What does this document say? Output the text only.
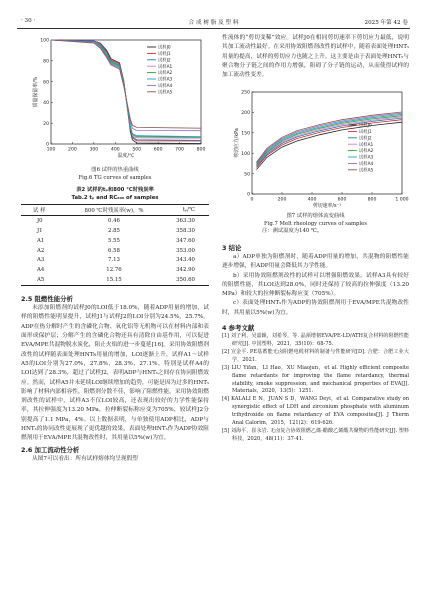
· 30 ·	合 成 树 脂 及 塑 料	2025 年第 42 卷
100
80
60
40
20
0
100	200	300	400	500	600	700	800
温度/℃
质量保留率/%
试样J0
试样J1
试样J2
试样A1
试样A2
试样A3
试样A4
试样A5

图6 试样的热重曲线

Fig.6 TG curves of samples

表2 试样的tₚ和800 ℃时残炭率

Tab.2 tₚ and RC₈₀₀ of samples

试 样	800 ℃时残炭率(w)，%	tₚ/℃
J0	0.46	363.30
J1	2.85	358.30
A1	5.55	347.60
A2	6.58	353.00
A3	7.13	343.40
A4	12.76	342.90
A5	15.15	350.60

2.5 阻燃性能分析

未添加阻燃剂的试样J0的LOI低于18.0%，随着ADP用量的增加，试样的阻燃性能明显提升，试样J1与试样J2的LOI分别为24.5%，25.7%。ADP在热分解时产生的含磷化合物、氧化铝等无机物可以在材料内部和表面形成保护层；分解产生的含磷化合物还具有清除自由基作用，可以促进EVA/MPE共混物脱水炭化，阻止火焰的进一步蔓延[16]。采用协效阻燃剂改性的试样随表面处理HNTs用量的增加，LOI逐渐上升，试样A1～试样A5的LOI分别为27.0%，27.8%，28.3%，27.1%，特别是试样A4的LOI达到了28.3%，超过了试样J2，表明ADP与HNTₛ之间存在协同阻燃效应。然而，试样A5并未延续LOI继续增加的趋势，可能是因为过多的HNTₛ影响了材料内部相容性，阻燃剂分散不佳，影响了阻燃性能。采用协效阻燃剂改性的试样中，试样A3不仅LOI较高，还表现出较好的力学性能保持率，其拉伸强度为13.20 MPa，拉伸断裂标称应变为705%，较试样J2分别提高了1.1 MPa，4%。以上数据表明，与单独使用ADP相比，ADP与HNTₛ的协同改性更展现了更优越的效果，表面处理HNTₛ作为ADP协效阻燃剂用于EVA/MPE共混物改性时，其用量以5%(w)为宜。

2.6 加工流动性分析

从图7可以看出：所有试样熔体均呈现假塑

性流体的“剪切变稀”效应。试样J0在相同剪切速率下剪切应力最低，说明其加工流动性最好。在采用协效阻燃剂改性的试样中，随着表面处理HNTₛ用量的提高，试样的剪切应力也随之上升。这主要是由于表面处理HNTₛ与聚合物分子链之间的作用力增强，阻碍了分子链的运动，从而使得试样的加工流动性变差。

250
200
150
100
50
0
0	200	400	600	800	1 000
剪切速率/s⁻¹
剪切应力/kPa
试样J0
试样J1
试样J2
试样A1
试样A2
试样A3
试样A4
试样A5

图7 试样的熔体流变曲线

Fig.7 Melt rheology curves of samples

注：测试温度为140 ℃。

3 结论

a）ADP单独为阻燃剂时，随着ADP用量的增加，共混物的阻燃性能逐步增强，但ADP用量会降低其力学性能。

b）采用协效阻燃剂改性的试样可以增强阻燃效果。试样A3具有较好的阻燃性能，其LOI达到28.0%，同时还保持了较高的拉伸强度（13.20 MPa）和较大的拉伸断裂标称应变（705%）。

c）表面处理HNTₛ作为ADP的协效阻燃剂用于EVA/MPE共混物改性时，其用量以5%(w)为宜。

4 参考文献

[1] 刘子利，吴嘉颖，刘希琴，等. 晶须增韧EVA/PE-LD/ATH复合材料的阻燃性能研究[J]. 中国塑料，2021，35(10)：68-75.

[2] 宣金平. PE基蓄能无卤阻燃电缆材料的制备与性能研究[D]. 合肥：合肥工业大学，2021.

[3] LIU Yifan，LI Hao，XU Miaojun，et al. Highly efficient composite flame retardants for improving the flame retardancy, thermal stability, smoke suppression, and mechanical properties of EVA[J]. Materials，2020，13(5)：1251.

[4] KALALI E N，JUAN S D，WANG Deyi，et al. Comparative study on synergistic effect of LDH and zirconium phosphate with aluminum trihydroxide on flame retardancy of EVA composites[J]. J Therm Anal Calorim，2015，121(2)：619-626.

[5] 刘海平，崔永岩. 无卤复合协效阻燃乙烯-醋酸乙烯酯共聚物的性能研究[J]. 塑料科技，2020，48(11)：37-41.
